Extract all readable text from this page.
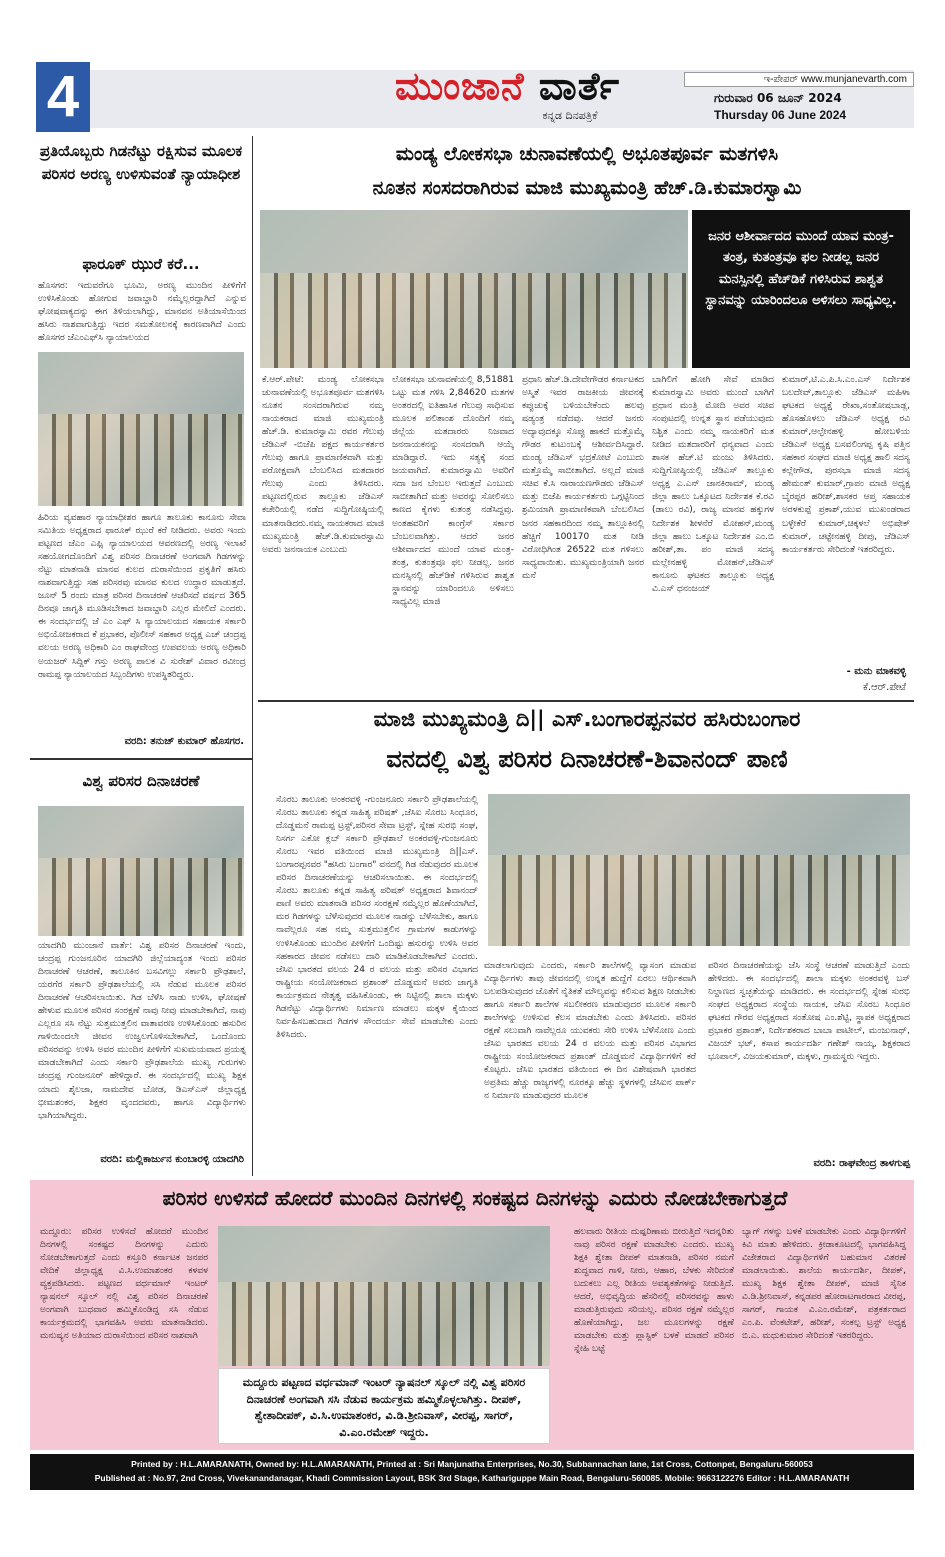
4	ಮುಂಜಾನೆ ವಾರ್ತೆ
ಕನ್ನಡ ದಿನಪತ್ರಿಕೆ
ಇ-ಪೇಪರ್ www.munjanevarth.com
ಗುರುವಾರ 06 ಜೂನ್ 2024
Thursday 06 June 2024
ಪ್ರತಿಯೊಬ್ಬರು ಗಿಡನೆಟ್ಟು ರಕ್ಷಿಸುವ ಮೂಲಕ ಪರಿಸರ ಅರಣ್ಯ ಉಳಿಸುವಂತೆ ನ್ಯಾಯಾಧೀಶ
ಫಾರೂಕ್ ಝುರೆ ಕರೆ...
ಹೊಸಗರ: ಇದುವರೆಗೂ ಭೂಮಿ, ಅರಣ್ಯ ಮುಂದಿನ ಪೀಳಿಗೆಗೆ ಉಳಿಸಿಕೊಂಡು ಹೋಗುವ ಜವಾಬ್ದಾರಿ ನಮ್ಮೆಲ್ಲರದ್ದಾಗಿದೆ ಎನ್ನುವ ಘೋಷವಾಕ್ಯದನ್ನು ಈಗ ತಿಳಿಯಲಾಗಿದ್ದು, ಮಾನವನ ಅತಿಯಾಸೆಯಿಂದ ಹಸಿರು ನಾಶವಾಗುತ್ತಿದ್ದು ಇದರ ಸಮತೋಲನಕ್ಕೆ ಕಾರಣವಾಗಿದೆ ಎಂದು ಹೊಸಗರ ಜೆಎಂಎಫ್‌ಸಿ ನ್ಯಾಯಾಲಯದ
ಹಿರಿಯ ವ್ಯವಹಾರ ನ್ಯಾಯಾಧೀಶರ ಹಾಗೂ ತಾಲೂಕು ಕಾನೂನು ಸೇವಾ ಸಮಿತಿಯ ಅಧ್ಯಕ್ಷರಾದ ಫಾರೂಕ್ ಝುರೆ ಕರೆ ನೀಡಿದರು. ಅವರು ಇಂದು ಪಟ್ಟಣದ ಜೆಎಂ ಎಫ್ಸಿ ನ್ಯಾಯಾಲಯದ ಆವರಣದಲ್ಲಿ ಅರಣ್ಯ ಇಲಾಖೆ ಸಹಯೋಗದೊಂದಿಗೆ ವಿಶ್ವ ಪರಿಸರ ದಿನಾಚರಣೆ ಅಂಗವಾಗಿ ಗಿಡಗಳನ್ನು ನೆಟ್ಟು ಮಾತನಾಡಿ ಮಾನವ ಕುಲದ ದುರಾಸೆಯಿಂದ ಪ್ರಕೃತಿಗೆ ಹಸಿರು ನಾಶವಾಗುತ್ತಿದ್ದು ಸಹ ಪರಿಸರವು ಮಾನವ ಕುಲದ ಉದ್ಧಾರ ಮಾಡುತ್ತದೆ. ಜೂನ್ 5 ರಂದು ಮಾತ್ರ ಪರಿಸರ ದಿನಾಚರಣೆ ಆಚರಿಸದೆ ವರ್ಷದ 365 ದಿನವೂ ಜಾಗೃತಿ ಮೂಡಿಸಬೇಕಾದ ಜವಾಬ್ದಾರಿ ಎಲ್ಲರ ಮೇಲಿದೆ ಎಂದರು. ಈ ಸಂದರ್ಭದಲ್ಲಿ ಜೆ ಎಂ ಎಫ್ ಸಿ ನ್ಯಾಯಾಲಯದ ಸಹಾಯಕ ಸರ್ಕಾರಿ ಅಭಿಯೋಜಕರಾದ ಕೆ ಪ್ರಭಾಕರ, ಪೊಲೀಸ್ ಸಹಕಾರ ಅಧ್ಯಕ್ಷ ಎಚ್ ಚಂದ್ರಪ್ಪ ವಲಯ ಅರಣ್ಯ ಅಧಿಕಾರಿ ಎಂ ರಾಘವೇಂದ್ರ ಉಪವಲಯ ಅರಣ್ಯ ಅಧಿಕಾರಿ ಅಯಜರ್ ಸಿದ್ದಿಕ್ ಗಸ್ತು ಅರಣ್ಯ ಪಾಲಕ ವಿ ಸುರೇಶ್ ವಿವಾರ ರವೀಂದ್ರ ರಾಮಪ್ಪ ನ್ಯಾಯಾಲಯದ ಸಿಬ್ಬಂದಿಗಳು ಉಪಸ್ಥಿತರಿದ್ದರು.
ವರದಿ: ತನುಜ್ ಕುಮಾರ್ ಹೊಸಗರ.
ವಿಶ್ವ ಪರಿಸರ ದಿನಾಚರಣೆ
ಯಾದಗಿರಿ ಮುಂಜಾನೆ ವಾರ್ತೆ: ವಿಶ್ವ ಪರಿಸರ ದಿನಾಚರಣೆ ಇಂದು, ಚಂದ್ರಪ್ಪ ಗುಂಜನೂರಿನ ಯಾದಗಿರಿ ಜಿಲ್ಲೆಯಾದ್ಯಂತ ಇಂದು ಪರಿಸರ ದಿನಾಚರಣೆ ಆಚರಣೆ, ತಾಲೂಕಿನ ಬಸವಿಗಲ್ಲು ಸರ್ಕಾರಿ ಪ್ರೌಢಶಾಲೆ, ಯರಗೆರ ಸರ್ಕಾರಿ ಪ್ರೌಢಶಾಲೆಯಲ್ಲಿ ಸಸಿ ನೆಡುವ ಮೂಲಕ ಪರಿಸರ ದಿನಾಚರಣೆ ಆಚರಿಸಲಾಯಿತು. ಗಿಡ ಬೆಳೆಸಿ ನಾಡು ಉಳಿಸಿ, ಘೋಷಣೆ ಹೇಳುವ ಮೂಲಕ ಪರಿಸರ ಸಂರಕ್ಷಣೆ ನಾವು ನೀವು ಮಾಡಬೇಕಾಗಿದೆ, ನಾವು ಎಲ್ಲರೂ ಸಸಿ ನೆಟ್ಟು ಸುತ್ತಮುತ್ತಲಿನ ವಾತಾವರಣ ಉಳಿಸಿಕೊಂಡು ಹಸುರಿನ ಗಾಳಿಯಿಂದಲೇ ಜೀವನ ಉಜ್ವಲಗೊಳಿಸಬೇಕಾಗಿದೆ, ಒಂದೊಂದು ಪರಿಸರವನ್ನು ಉಳಿಸಿ ಅವರ ಮುಂದಿನ ಪೀಳಿಗೆಗೆ ಸುಖಮಯವಾದ ಪ್ರಯತ್ನ ಮಾಡಬೇಕಾಗಿದೆ ಎಂದು ಸರ್ಕಾರಿ ಪ್ರೌಢಶಾಲೆಯ ಮುಖ್ಯ ಗುರುಗಳು ಚಂದ್ರಪ್ಪ ಗುಂಜನೂರ್ ಹೇಳಿದ್ದಾರೆ. ಈ ಸಂದರ್ಭದಲ್ಲಿ ಮುಖ್ಯ ಶಿಕ್ಷಕ ಯಾದು ಶೈಲಜಾ, ನಾಮದೇವ ಬೋಡ, ಡಿಎಸ್‌ಎಸ್ ಜಿಲ್ಲಾಧ್ಯಕ್ಷ ಭೀಮಶಂಕರ, ಶಿಕ್ಷಕರ ವೃಂದದವರು, ಹಾಗೂ ವಿದ್ಯಾರ್ಥಿಗಳು ಭಾಗಿಯಾಗಿದ್ದರು.
ವರದಿ: ಮಲ್ಲಿಕಾರ್ಜುನ ಕುಂಬಾರಳ್ಳಿ ಯಾದಗಿರಿ
ಮಂಡ್ಯ ಲೋಕಸಭಾ ಚುನಾವಣೆಯಲ್ಲಿ ಅಭೂತಪೂರ್ವ ಮತಗಳಿಸಿ
ನೂತನ ಸಂಸದರಾಗಿರುವ ಮಾಜಿ ಮುಖ್ಯಮಂತ್ರಿ ಹೆಚ್.ಡಿ.ಕುಮಾರಸ್ವಾಮಿ
ಜನರ ಆಶೀರ್ವಾದದ ಮುಂದೆ ಯಾವ ಮಂತ್ರ-ತಂತ್ರ, ಕುತಂತ್ರವೂ ಫಲ ನೀಡಲ್ಲ ಜನರ ಮನಸ್ಸಿನಲ್ಲಿ ಹೆಚ್‌ಡಿಕೆ ಗಳಿಸಿರುವ ಶಾಶ್ವತ ಸ್ಥಾನವನ್ನು ಯಾರಿಂದಲೂ ಅಳಿಸಲು ಸಾಧ್ಯವಿಲ್ಲ.
ಕೆ.ಆರ್.ಪೇಟೆ: ಮಂಡ್ಯ ಲೋಕಸಭಾ ಚುನಾವಣೆಯಲ್ಲಿ ಅಭೂತಪೂರ್ವ ಮತಗಳಿಸಿ ನೂತನ ಸಂಸದರಾಗಿರುವ ನಮ್ಮ ನಾಯಕರಾದ ಮಾಜಿ ಮುಖ್ಯಮಂತ್ರಿ ಹೆಚ್.ಡಿ. ಕುಮಾರಸ್ವಾಮಿ ರವರ ಗೆಲುವು ಜೆಡಿಎಸ್ -ಬಿಜೆಪಿ ಪಕ್ಷದ ಕಾರ್ಯಕರ್ತರ ಗೆಲುವು ಹಾಗೂ ಪ್ರಾಮಾಣಿಕವಾಗಿ ಮತ್ತು ಪರೋಕ್ಷವಾಗಿ ಬೆಂಬಲಿಸಿದ ಮತದಾರರ ಗೆಲುವು ಎಂದು ತಿಳಿಸಿದರು. ಪಟ್ಟಣದಲ್ಲಿರುವ ತಾಲ್ಲೂಕು ಜೆಡಿಎಸ್ ಕಚೇರಿಯಲ್ಲಿ ನಡೆದ ಸುದ್ದಿಗೋಷ್ಠಿಯಲ್ಲಿ ಮಾತನಾಡಿದರು.ನಮ್ಮ ನಾಯಕರಾದ ಮಾಜಿ ಮುಖ್ಯಮಂತ್ರಿ ಹೆಚ್.ಡಿ.ಕುಮಾರಸ್ವಾಮಿ ಅವರು ಜನನಾಯಕ ಎಂಬುದು
ಲೋಕಸಭಾ ಚುನಾವಣೆಯಲ್ಲಿ 8,51881 ಒಟ್ಟು ಮತ ಗಳಿಸಿ 2,84620 ಮತಗಳ ಅಂತರದಲ್ಲಿ ಐತಿಹಾಸಿಕ ಗೆಲುವು ಸಾಧಿಸುವ ಮೂಲಕ ಪಲಿತಾಂಶ ದೊಂದಿಗೆ ನಮ್ಮ ಜಿಲ್ಲೆಯ ಮತದಾರರು ನಿಜವಾದ ಜನನಾಯಕನನ್ನು ಸಂಸದರಾಗಿ ಆಯ್ಕೆ ಮಾಡಿದ್ದಾರೆ. ಇದು ಸತ್ಯಕ್ಕೆ ಸಂದ ಜಯವಾಗಿದೆ. ಕುಮಾರಸ್ವಾಮಿ ಅವರಿಗೆ ಸದಾ ಜನ ಬೆಂಬಲ ಇರುತ್ತದೆ ಎಂಬುದು ಸಾಬೀತಾಗಿದೆ ಮತ್ತು ಅವರನ್ನು ಸೋಲಿಸಲು ಕಾಣದ ಕೈಗಳು ಕುತಂತ್ರ ನಡೆಸಿದ್ದವು. ಅಂತಹವರಿಗೆ ಕಾಂಗ್ರೆಸ್ ಸರ್ಕಾರ ಬೆಂಬಲವಾಗಿತ್ತು. ಆದರೆ ಜನರ ಆಶೀರ್ವಾದದ ಮುಂದೆ ಯಾವ ಮಂತ್ರ-ತಂತ್ರ, ಕುತಂತ್ರವೂ ಫಲ ನೀಡಲ್ಲ. ಜನರ ಮನಸ್ಸಿನಲ್ಲಿ ಹೆಚ್‌ಡಿಕೆ ಗಳಿಸಿರುವ ಶಾಶ್ವತ ಸ್ಥಾನವನ್ನು ಯಾರಿಂದಲೂ ಅಳಿಸಲು ಸಾಧ್ಯವಿಲ್ಲ ಮಾಜಿ
ಪ್ರಧಾನಿ ಹೆಚ್.ಡಿ.ದೇವೇಗೌಡರ ಕರ್ನಾಟಕದ ಅಸ್ಮಿತೆ ಇವರ ರಾಜಕೀಯ ಜೀವನಕ್ಕೆ ಕಪ್ಪುಚುಕ್ಕೆ ಬಳಿಯಬೇಕೆಂದು ಹಲವು ಷಡ್ಯಂತ್ರ ನಡೆದವು. ಆದರೆ ಜನರು ಅದ್ಯಾವುದಕ್ಕೂ ಸೊಪ್ಪು ಹಾಕದೆ ಮತ್ತೊಮ್ಮೆ ಗೌಡರ ಕುಟುಂಬಕ್ಕೆ ಆಶೀರ್ವದಿಸಿದ್ದಾರೆ. ಮಂಡ್ಯ ಜೆಡಿಎಸ್ ಭದ್ರಕೋಟೆ ಎಂಬುದು ಮತ್ತೊಮ್ಮೆ ಸಾಬೀತಾಗಿದೆ. ಅಲ್ಲದೆ ಮಾಜಿ ಸಚಿವ ಕೆ.ಸಿ ನಾರಾಯಣಗೌಡರು ಜೆಡಿಎಸ್ ಮತ್ತು ಬಿಜೆಪಿ ಕಾರ್ಯಕರ್ತರು ಒಗ್ಗಟ್ಟಿನಿಂದ ಶ್ರಮಿಯಾಗಿ ಪ್ರಾಮಾಣಿಕವಾಗಿ ಬೆಂಬಲಿಸಿದ ಜನರ ಸಹಕಾರದಿಂದ ನಮ್ಮ ತಾಲ್ಲೂಕಿನಲ್ಲಿ ಹೆಚ್ಚಿಗೆ 100170 ಮತ ನೀಡಿ ವಿರೋಧಿಗಿಂತ 26522 ಮತ ಗಳಿಸಲು ಸಾಧ್ಯವಾಯಿತು. ಮುಖ್ಯಮಂತ್ರಿಯಾಗಿ ಜನರ ಮನೆ
ಬಾಗಿಲಿಗೆ ಹೋಗಿ ಸೇವೆ ಮಾಡಿದ ಕುಮಾರಸ್ವಾಮಿ ಅವರು ಮುಂದೆ ಬಾಗಿಗೆ ಪ್ರಧಾನ ಮಂತ್ರಿ ಮೋದಿ ಅವರ ಸಚಿವ ಸಂಪುಟದಲ್ಲಿ ಉನ್ನತ ಸ್ಥಾನ ಪಡೆಯುವುದು ನಿಶ್ಚಿತ ಎಂದು ನಮ್ಮ ನಾಯಕರಿಗೆ ಮತ ನೀಡಿದ ಮತದಾರರಿಗೆ ಧನ್ಯವಾದ ಎಂದು ಶಾಸಕ ಹೆಚ್.ಟಿ ಮಂಜು ತಿಳಿಸಿದರು. ಸುದ್ದಿಗೋಷ್ಠಿಯಲ್ಲಿ ಜೆಡಿಎಸ್ ತಾಲ್ಲೂಕು ಅಧ್ಯಕ್ಷ ಎ.ಎನ್ ಜಾನಕಿರಾಮ್, ಮಂಡ್ಯ ಜಿಲ್ಲಾ ಹಾಲು ಒಕ್ಕೂಟದ ನಿರ್ದೇಶಕ ಕೆ.ರವಿ (ಡಾಲು ರವಿ), ರಾಜ್ಯ ಮಾನವ ಹಕ್ಕುಗಳ ನಿರ್ದೇಶಕ ಶೀಳನೆರೆ ಮೋಹನ್,ಮಂಡ್ಯ ಜಿಲ್ಲಾ ಹಾಲು ಒಕ್ಕೂಟ ನಿರ್ದೇಶಕ ಎಂ.ಬಿ ಹರೀಶ್,ತಾ. ಪಂ ಮಾಜಿ ಸದಸ್ಯ ಮಲ್ಲೇನಹಳ್ಳಿ ಮೋಹನ್,ಜೆಡಿಎಸ್ ಕಾನೂನು ಘಟಕದ ತಾಲ್ಲೂಕು ಅಧ್ಯಕ್ಷ ವಿ.ಎಸ್ ಧನಂಜಯ್
ಕುಮಾರ್,ಟಿ.ಎ.ಪಿ.ಸಿ.ಎಂ.ಎಸ್ ನಿರ್ದೇಶಕ ಬಲದೇವ್,ತಾಲ್ಲೂಕು ಜೆಡಿಎಸ್ ಮಹಿಳಾ ಘಟಕದ ಅಧ್ಯಕ್ಷೆ ರೇಖಾ,ಸಂತೋಷಬಾಡ್ಲ, ಹೊಸಹೊಳಲು ಜೆಡಿಎಸ್ ಅಧ್ಯಕ್ಷ ರವಿ ಕುಮಾರ್,ಆಲ್ಫೇನಹಳ್ಳಿ ಹೋಬಳಿಯ ಜೆಡಿಎಸ್ ಅಧ್ಯಕ್ಷ ಬಸವಲಿಂಗಪ್ಪ ಕೃಷಿ ಪತ್ತಿನ ಸಹಕಾರ ಸಂಘದ ಮಾಜಿ ಅಧ್ಯಕ್ಷ ಹಾಲಿ ಸದಸ್ಯ ಕಲ್ಲೇಗೌಡ, ಪುರಸಭಾ ಮಾಜಿ ಸದಸ್ಯ ಹೇಮಂತ್ ಕುಮಾರ್,ಗ್ರಾಪಂ ಮಾಜಿ ಅಧ್ಯಕ್ಷ ಬೈರಪ್ಪರ ಹರೀಶ್,ಶಾಸಕರ ಆಪ್ತ ಸಹಾಯಕ ಅರಳಕುಪ್ಪೆ ಪ್ರಕಾಶ್,ಯುವ ಮುಖಂಡರಾದ ಬಳ್ಳೇಕೆರೆ ಕುಮಾರ್,ಚಿಕ್ಕಳಲೆ ಅಭಿಷೇಕ್ ಕುಮಾರ್, ಚಟ್ಟೇನಹಳ್ಳಿ ದೀಪು, ಜೆಡಿಎಸ್ ಕಾರ್ಯಕರ್ತರು ಸೇರಿದಂತೆ ಇತರರಿದ್ದರು.
- ಮನು ಮಾಕವಳ್ಳಿ
ಕೆ.ಆರ್.ಪೇಟೆ
ಮಾಜಿ ಮುಖ್ಯಮಂತ್ರಿ ದಿ|| ಎಸ್.ಬಂಗಾರಪ್ಪನವರ ಹಸಿರುಬಂಗಾರ
ವನದಲ್ಲಿ ವಿಶ್ವ ಪರಿಸರ ದಿನಾಚರಣೆ-ಶಿವಾನಂದ್ ಪಾಣಿ
ಸೊರಬ ತಾಲೂಕು ಅಂಕರವಳ್ಳಿ -ಗುಂಜನೂರು ಸರ್ಕಾರಿ ಪ್ರೌಢಶಾಲೆಯಲ್ಲಿ ಸೊರಬ ತಾಲೂಕು ಕನ್ನಡ ಸಾಹಿತ್ಯ ಪರಿಷತ್ ,ಜೆಸಿಐ ಸೊರಬ ಸಿಂಧೂರ, ದೊಡ್ಡಮನೆ ರಾಮಪ್ಪ ಟ್ರಸ್ಟ್,ಪರಿಸರ ಸೇವಾ ಟ್ರಸ್ಟ್, ಸ್ನೇಹ ಸುರಭಿ ಸಂಘ, ನಿಸರ್ಗ ಎಕೋ ಕ್ಲಬ್ ಸರ್ಕಾರಿ ಪ್ರೌಢಶಾಲೆ ಅಂಕರವಳ್ಳಿ-ಗುಂಜನೂರು ಸೊರಬ ಇವರ ವತಿಯಿಂದ ಮಾಜಿ ಮುಖ್ಯಮಂತ್ರಿ ದಿ||ಎಸ್. ಬಂಗಾರಪ್ಪನವರ "ಹಸಿರು ಬಂಗಾರ" ವನದಲ್ಲಿ ಗಿಡ ನೆಡುವುದರ ಮೂಲಕ ಪರಿಸರ ದಿನಾಚರಣೆಯನ್ನು ಆಚರಿಸಲಾಯಿತು. ಈ ಸಂದರ್ಭದಲ್ಲಿ ಸೊರಬ ತಾಲೂಕು ಕನ್ನಡ ಸಾಹಿತ್ಯ ಪರಿಷತ್ ಅಧ್ಯಕ್ಷರಾದ ಶಿವಾನಂದ್ ಪಾಣಿ ಅವರು ಮಾತನಾಡಿ ಪರಿಸರ ಸಂರಕ್ಷಣೆ ನಮ್ಮೆಲ್ಲರ ಹೊಣೆಯಾಗಿದೆ, ಮರ ಗಿಡಗಳನ್ನು ಬೆಳೆಸುವುದರ ಮೂಲಕ ನಾಡನ್ನು ಬೆಳೆಸಬೇಕು, ಹಾಗೂ ನಾವೆಲ್ಲರೂ ಸಹ ನಮ್ಮ ಸುತ್ತಮುತ್ತಲಿನ ಗ್ರಾಮಗಳ ಕಾಡುಗಳನ್ನು ಉಳಿಸಿಕೊಂಡು ಮುಂದಿನ ಪೀಳಿಗೆಗೆ ಒಂದಿಷ್ಟು ಹಸುರನ್ನು ಉಳಿಸಿ ಅವರ ಸಹಕಾರದ ಜೀವನ ನಡೆಸಲು ದಾರಿ ಮಾಡಿಕೊಡಬೇಕಾಗಿದೆ ಎಂದರು. ಜೆಸಿಐ ಭಾರತದ ವಲಯ 24 ರ ವಲಯ ಮತ್ತು ಪರಿಸರ ವಿಭಾಗದ ರಾಷ್ಟ್ರೀಯ ಸಂಯೋಜಕರಾದ ಪ್ರಶಾಂತ್ ದೊಡ್ಡಮನೆ ಅವರು ಜಾಗೃತಿ ಕಾರ್ಯಕ್ರಮದ ನೇತೃತ್ವ ವಹಿಸಿಕೊಂಡು, ಈ ನಿಟ್ಟಿನಲ್ಲಿ ಶಾಲಾ ಮಕ್ಕಳು ಗಿಡನೆಟ್ಟು ವಿದ್ಯಾರ್ಥಿಗಳು ನಿರ್ಮಾಣ ಮಾಡಲು ಮಕ್ಕಳ ಕೈಯಿಂದ ನಿರ್ವಹಿಸಬಹುದಾದ ಗಿಡಗಳ ಸೌಂದರ್ಯ ಸೇವೆ ಮಾಡಬೇಕು ಎಂದು ತಿಳಿಸಿದರು.
ಮಾಡಲಾಗುವುದು ಎಂದರು, ಸರ್ಕಾರಿ ಶಾಲೆಗಳಲ್ಲಿ ವ್ಯಾಸಂಗ ಮಾಡುವ ವಿದ್ಯಾರ್ಥಿಗಳು ತಾವು ಜೀವನದಲ್ಲಿ ಉನ್ನತ ಹುದ್ದೆಗೆ ಏರಲು ಆರ್ಥಿಕವಾಗಿ ಬಲಪಡಿಸುವುದರ ಜೊತೆಗೆ ನೈತಿಕತೆ ಮೌಲ್ಯವನ್ನು ಕಲಿಸುವ ಶಿಕ್ಷಣ ನೀಡಬೇಕು ಹಾಗೂ ಸರ್ಕಾರಿ ಶಾಲೆಗಳ ಸಬಲೀಕರಣ ಮಾಡುವುದರ ಮೂಲಕ ಸರ್ಕಾರಿ ಶಾಲೆಗಳನ್ನು ಉಳಿಸುವ ಕೆಲಸ ಮಾಡಬೇಕು ಎಂದು ತಿಳಿಸಿದರು. ಪರಿಸರ ರಕ್ಷಣೆ ಸಲುವಾಗಿ ನಾವೆಲ್ಲರೂ ಯುವಕರು ಸೇರಿ ಉಳಿಸಿ ಬೆಳೆಸೋಣ ಎಂದು ಜೆಸಿಐ ಭಾರತದ ವಲಯ 24 ರ ವಲಯ ಮತ್ತು ಪರಿಸರ ವಿಭಾಗದ ರಾಷ್ಟ್ರೀಯ ಸಂಯೋಜಕರಾದ ಪ್ರಶಾಂತ್ ದೊಡ್ಡಮನೆ ವಿದ್ಯಾರ್ಥಿಗಳಿಗೆ ಕರೆ ಕೊಟ್ಟರು. ಜೆಸಿಐ ಭಾರತದ ವತಿಯಿಂದ ಈ ದಿನ ವಿಶೇಷವಾಗಿ ಭಾರತದ ಅಪ್ರತಿಮ ಹೆಚ್ಚು ರಾಜ್ಯಗಳಲ್ಲಿ ನೂರಕ್ಕೂ ಹೆಚ್ಚು ಸ್ಥಳಗಳಲ್ಲಿ ಜೆಸಿಐನ ಪಾರ್ಕ್ ನ ನಿರ್ಮಾಣ ಮಾಡುವುದರ ಮೂಲಕ
ಪರಿಸರ ದಿನಾಚರಣೆಯನ್ನು ಜೆಸಿ ಸಂಸ್ಥೆ ಆಚರಣೆ ಮಾಡುತ್ತಿದೆ ಎಂದು ಹೇಳಿದರು. ಈ ಸಂದರ್ಭದಲ್ಲಿ ಶಾಲಾ ಮಕ್ಕಳು ಅಂಕರವಳ್ಳಿ ಬಸ್ ನಿಲ್ದಾಣದ ಸ್ವಚ್ಛತೆಯನ್ನು ಮಾಡಿದರು. ಈ ಸಂದರ್ಭದಲ್ಲಿ ಸ್ನೇಹ ಸುರಭಿ ಸಂಘದ ಅಧ್ಯಕ್ಷರಾದ ಸಂಸ್ಥೆಯ ನಾಯಕ, ಜೆಸಿಐ ಸೊರಬ ಸಿಂಧೂರ ಘಟಕದ ಗೌರವ ಅಧ್ಯಕ್ಷರಾದ ಸಂತೋಷ ಎಂ.ಶೆಟ್ಟಿ, ಸ್ಥಾಪಕ ಅಧ್ಯಕ್ಷರಾದ ಪ್ರಭಾಕರ ಪ್ರಶಾಂತ್, ನಿರ್ದೇಶಕರಾದ ಬಾಬಾ ಪಾಟೀಲ್, ಮಂಜುನಾಥ್, ವಿಜಯ್ ಭಟ್, ಕಸಾಪ ಕಾರ್ಯದರ್ಶಿ ಗಣೇಶ್ ನಾಯ್ಕ, ಶಿಕ್ಷಕರಾದ ಭೂಪಾಲ್, ವಿಜಯಕುಮಾರ್, ಮಕ್ಕಳು, ಗ್ರಾಮಸ್ಥರು ಇದ್ದರು.
ವರದಿ: ರಾಘವೇಂದ್ರ ತಾಳಗುಪ್ಪ
ಪರಿಸರ ಉಳಿಸದೆ ಹೋದರೆ ಮುಂದಿನ ದಿನಗಳಲ್ಲಿ ಸಂಕಷ್ಟದ ದಿನಗಳನ್ನು ಎದುರು ನೋಡಬೇಕಾಗುತ್ತದೆ
ಮದ್ದೂರು: ಪರಿಸರ ಉಳಿಸದೆ ಹೋದರೆ ಮುಂದಿನ ದಿನಗಳಲ್ಲಿ ಸಂಕಷ್ಟದ ದಿನಗಳನ್ನು ಎದುರು ನೋಡಬೇಕಾಗುತ್ತದೆ ಎಂದು ಕಸ್ತೂರಿ ಕರ್ನಾಟಕ ಜನಪರ ವೇದಿಕೆ ಜಿಲ್ಲಾಧ್ಯಕ್ಷ ವಿ.ಸಿ.ಉಮಾಶಂಕರ ಕಳವಳ ವ್ಯಕ್ತಪಡಿಸಿದರು. ಪಟ್ಟಣದ ವರ್ಧಮಾನ್ ಇಂಟರ್ ನ್ಯಾಷನಲ್ ಸ್ಕೂಲ್ ನಲ್ಲಿ ವಿಶ್ವ ಪರಿಸರ ದಿನಾಚರಣೆ ಅಂಗವಾಗಿ ಬುಧವಾರ ಹಮ್ಮಿಕೊಂಡಿದ್ದ ಸಸಿ ನೆಡುವ ಕಾರ್ಯಕ್ರಮದಲ್ಲಿ ಭಾಗವಹಿಸಿ ಅವರು ಮಾತನಾಡಿದರು. ಮನುಷ್ಯನ ಅತಿಯಾದ ದುರಾಸೆಯಿಂದ ಪರಿಸರ ನಾಶವಾಗಿ
ಮದ್ದೂರು ಪಟ್ಟಣದ ವರ್ಧಮಾನ್ ಇಂಟರ್ ನ್ಯಾಷನಲ್ ಸ್ಕೂಲ್ ನಲ್ಲಿ ವಿಶ್ವ ಪರಿಸರ ದಿನಾಚರಣೆ ಅಂಗವಾಗಿ ಸಸಿ ನೆಡುವ ಕಾರ್ಯಕ್ರಮ ಹಮ್ಮಿಕೊಳ್ಳಲಾಗಿತ್ತು. ದೀಪಕ್, ಶ್ವೇತಾದೀಪಕ್, ವಿ.ಸಿ.ಉಮಾಶಂಕರ, ವಿ.ಡಿ.ಶ್ರೀನಿವಾಸ್, ವೀರಪ್ಪ, ಸಾಗರ್, ವಿ.ಎಂ.ರಮೇಶ್ ಇದ್ದರು.
ಹಲವಾರು ರೀತಿಯ ದುಷ್ಪರಿಣಾಮ ಬೀರುತ್ತಿದೆ ಇದನ್ನರಿತು ನಾವು ಪರಿಸರ ರಕ್ಷಣೆ ಮಾಡಬೇಕು ಎಂದರು. ಮುಖ್ಯ ಶಿಕ್ಷಕಿ ಶ್ವೇತಾ ದೀಪಕ್ ಮಾತನಾಡಿ, ಪರಿಸರ ನಮಗೆ ಶುದ್ಧವಾದ ಗಾಳಿ, ನೀರು, ಆಹಾರ, ಬೆಳಕು ಸೇರಿದಂತೆ ಬದುಕಲು ಎಲ್ಲ ರೀತಿಯ ಅವಶ್ಯಕತೆಗಳನ್ನು ನೀಡುತ್ತಿದೆ. ಆದರೆ, ಅಭಿವೃದ್ಧಿಯ ಹೆಸರಿನಲ್ಲಿ ಪರಿಸರವನ್ನು ಹಾಳು ಮಾಡುತ್ತಿರುವುದು ಸರಿಯಲ್ಲ. ಪರಿಸರ ರಕ್ಷಣೆ ನಮ್ಮೆಲ್ಲರ ಹೊಣೆಯಾಗಿದ್ದು, ಜಲ ಮೂಲಗಳನ್ನು ರಕ್ಷಣೆ ಮಾಡಬೇಕು ಮತ್ತು ಪ್ಲಾಸ್ಟಿಕ್ ಬಳಕೆ ಮಾಡದೆ ಪರಿಸರ ಸ್ನೇಹಿ ಬಟ್ಟೆ
ಬ್ಯಾಗ್ ಗಳನ್ನು ಬಳಕೆ ಮಾಡಬೇಕು ಎಂದು ವಿದ್ಯಾರ್ಥಿಗಳಿಗೆ ಕಿವಿ ಮಾತು ಹೇಳಿದರು. ಕ್ರೀಡಾಕೂಟದಲ್ಲಿ ಭಾಗವಹಿಸಿದ್ದ ವಿಜೇತರಾದ ವಿದ್ಯಾರ್ಥಿಗಳಿಗೆ ಬಹುಮಾನ ವಿತರಣೆ ಮಾಡಲಾಯಿತು. ಶಾಲೆಯ ಕಾರ್ಯದರ್ಶಿ, ದೀಪಕ್, ಮುಖ್ಯ ಶಿಕ್ಷಕ ಶ್ವೇತಾ ದೀಪಕ್, ಮಾಜಿ ಸೈನಿಕ ವಿ.ಡಿ.ಶ್ರೀನಿವಾಸ್, ಕನ್ನಡಪರ ಹೋರಾಟಗಾರರಾದ ವೀರಪ್ಪ, ಸಾಗರ್, ಗಾಯಕ ವಿ.ಎಂ.ರಮೇಶ್, ಪತ್ರಕರ್ತರಾದ ಎಂ.ಪಿ. ವೆಂಕಟೇಶ್, ಹರೀಶ್, ಸಂಕಲ್ಪ ಟ್ರಸ್ಟ್ ಅಧ್ಯಕ್ಷ ಬಿ.ಎ. ಮಧುಕುಮಾರ ಸೇರಿದಂತೆ ಇತರರಿದ್ದರು.
Printed by : H.L.AMARANATH, Owned by: H.L.AMARANATH, Printed at : Sri Manjunatha Enterprises, No.30, Subbannachan lane, 1st Cross, Cottonpet, Bengaluru-560053
Published at : No.97, 2nd Cross, Vivekanandanagar, Khadi Commission Layout, BSK 3rd Stage, Kathariguppe Main Road, Bengaluru-560085. Mobile: 9663122276 Editor : H.L.AMARANATH
